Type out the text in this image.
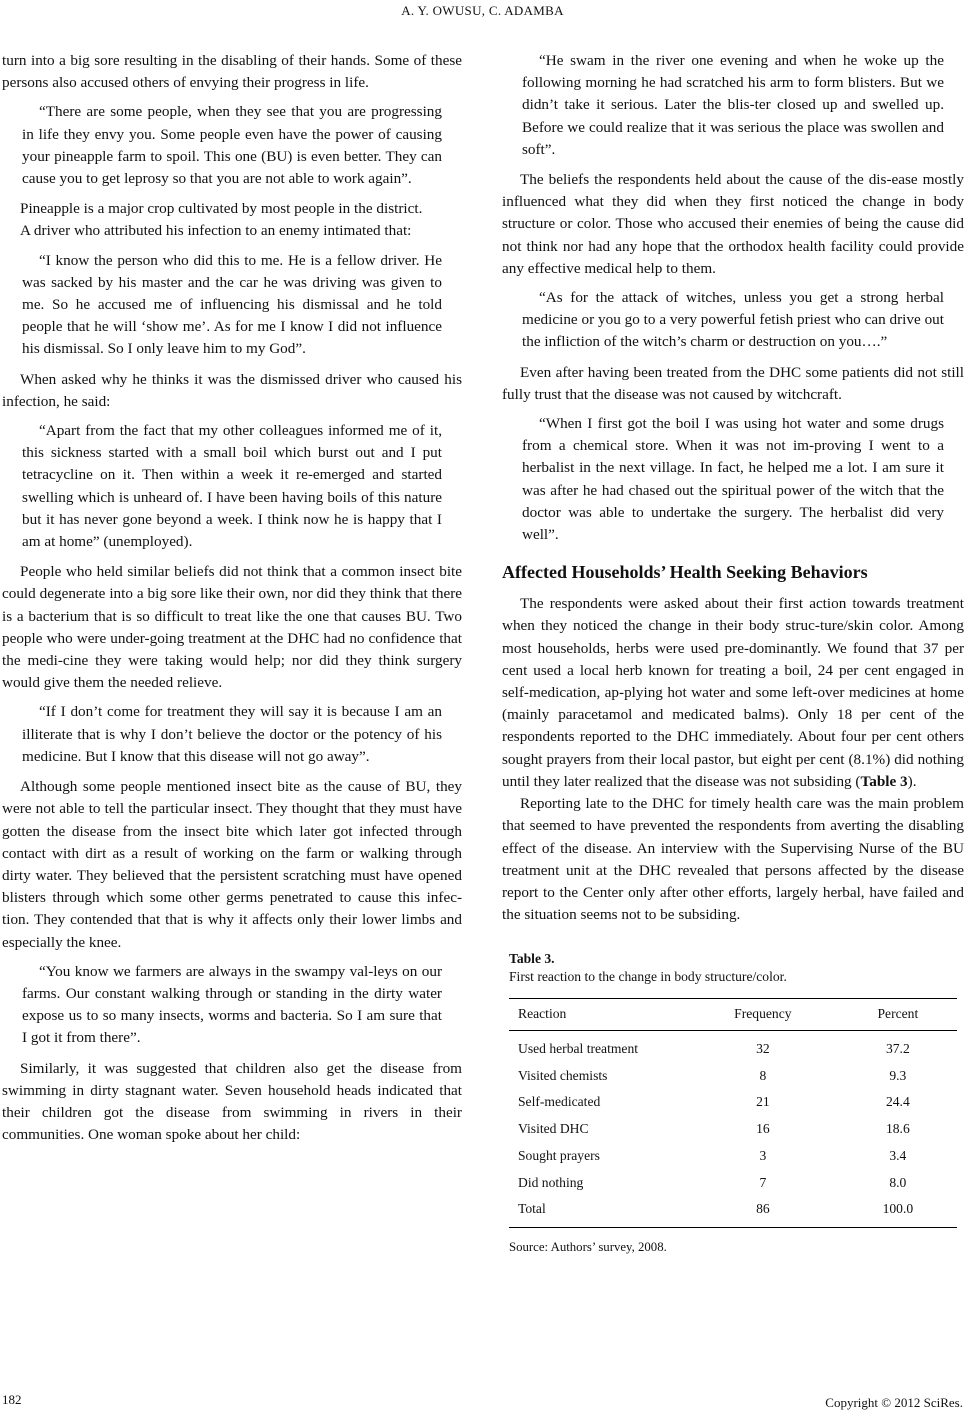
A. Y. OWUSU, C. ADAMBA

turn into a big sore resulting in the disabling of their hands. Some of these persons also accused others of envying their progress in life.

“There are some people, when they see that you are progressing in life they envy you. Some people even have the power of causing your pineapple farm to spoil. This one (BU) is even better. They can cause you to get leprosy so that you are not able to work again”.

Pineapple is a major crop cultivated by most people in the district.

A driver who attributed his infection to an enemy intimated that:

“I know the person who did this to me. He is a fellow driver. He was sacked by his master and the car he was driving was given to me. So he accused me of influencing his dismissal and he told people that he will ‘show me’. As for me I know I did not influence his dismissal. So I only leave him to my God”.

When asked why he thinks it was the dismissed driver who caused his infection, he said:

“Apart from the fact that my other colleagues informed me of it, this sickness started with a small boil which burst out and I put tetracycline on it. Then within a week it re-emerged and started swelling which is unheard of. I have been having boils of this nature but it has never gone beyond a week. I think now he is happy that I am at home” (unemployed).

People who held similar beliefs did not think that a common insect bite could degenerate into a big sore like their own, nor did they think that there is a bacterium that is so difficult to treat like the one that causes BU. Two people who were under-going treatment at the DHC had no confidence that the medi-cine they were taking would help; nor did they think surgery would give them the needed relieve.

“If I don’t come for treatment they will say it is because I am an illiterate that is why I don’t believe the doctor or the potency of his medicine. But I know that this disease will not go away”.

Although some people mentioned insect bite as the cause of BU, they were not able to tell the particular insect. They thought that they must have gotten the disease from the insect bite which later got infected through contact with dirt as a result of working on the farm or walking through dirty water. They believed that the persistent scratching must have opened blisters through which some other germs penetrated to cause this infec-tion. They contended that that is why it affects only their lower limbs and especially the knee.

“You know we farmers are always in the swampy val-leys on our farms. Our constant walking through or standing in the dirty water expose us to so many insects, worms and bacteria. So I am sure that I got it from there”.

Similarly, it was suggested that children also get the disease from swimming in dirty stagnant water. Seven household heads indicated that their children got the disease from swimming in rivers in their communities. One woman spoke about her child:

“He swam in the river one evening and when he woke up the following morning he had scratched his arm to form blisters. But we didn’t take it serious. Later the blis-ter closed up and swelled up. Before we could realize that it was serious the place was swollen and soft”.

The beliefs the respondents held about the cause of the dis-ease mostly influenced what they did when they first noticed the change in body structure or color. Those who accused their enemies of being the cause did not think nor had any hope that the orthodox health facility could provide any effective medical help to them.

“As for the attack of witches, unless you get a strong herbal medicine or you go to a very powerful fetish priest who can drive out the infliction of the witch’s charm or destruction on you….”

Even after having been treated from the DHC some patients did not still fully trust that the disease was not caused by witchcraft.

“When I first got the boil I was using hot water and some drugs from a chemical store. When it was not im-proving I went to a herbalist in the next village. In fact, he helped me a lot. I am sure it was after he had chased out the spiritual power of the witch that the doctor was able to undertake the surgery. The herbalist did very well”.
Affected Households’ Health Seeking Behaviors

The respondents were asked about their first action towards treatment when they noticed the change in their body struc-ture/skin color. Among most households, herbs were used pre-dominantly. We found that 37 per cent used a local herb known for treating a boil, 24 per cent engaged in self-medication, ap-plying hot water and some left-over medicines at home (mainly paracetamol and medicated balms). Only 18 per cent of the respondents reported to the DHC immediately. About four per cent others sought prayers from their local pastor, but eight per cent (8.1%) did nothing until they later realized that the disease was not subsiding (Table 3).

Reporting late to the DHC for timely health care was the main problem that seemed to have prevented the respondents from averting the disabling effect of the disease. An interview with the Supervising Nurse of the BU treatment unit at the DHC revealed that persons affected by the disease report to the Center only after other efforts, largely herbal, have failed and the situation seems not to be subsiding.

Table 3.
First reaction to the change in body structure/color.
Reaction	Frequency	Percent
Used herbal treatment	32	37.2
Visited chemists	8	9.3
Self-medicated	21	24.4
Visited DHC	16	18.6
Sought prayers	3	3.4
Did nothing	7	8.0
Total	86	100.0
Source: Authors’ survey, 2008.
182	Copyright © 2012 SciRes.
